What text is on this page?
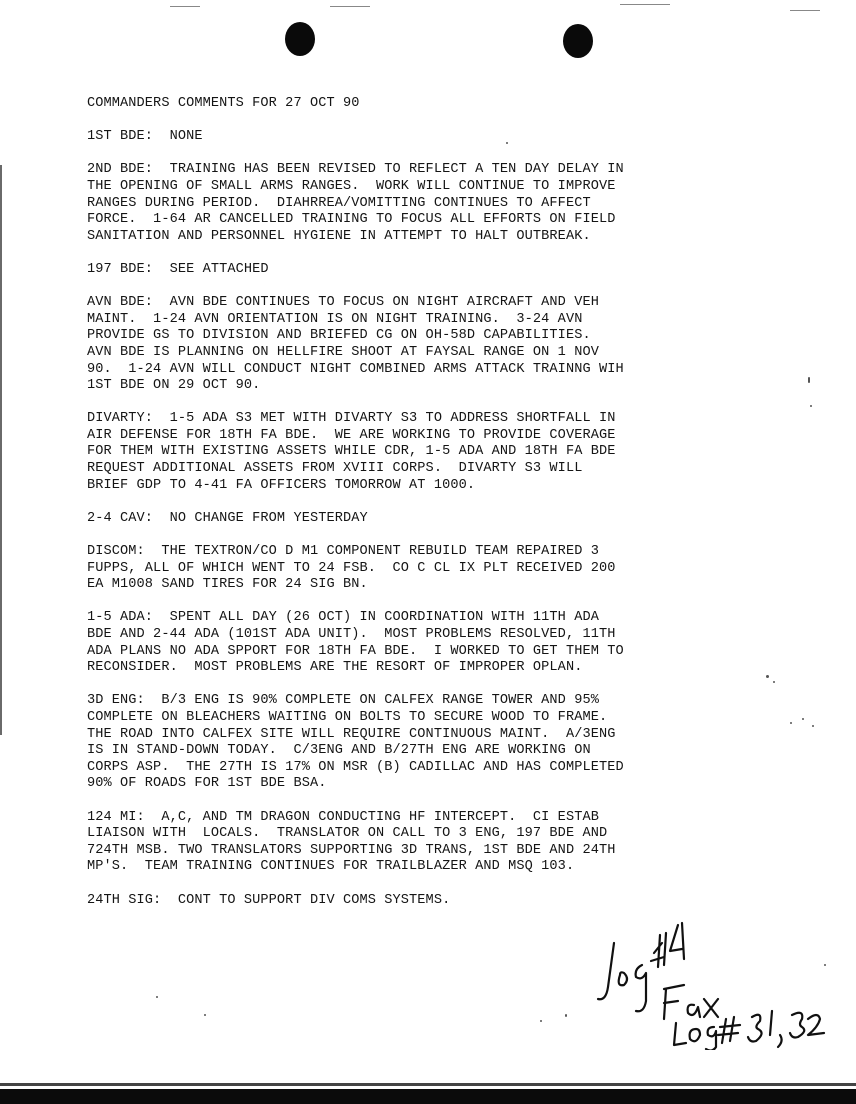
COMMANDERS COMMENTS FOR 27 OCT 90
1ST BDE:  NONE
2ND BDE:  TRAINING HAS BEEN REVISED TO REFLECT A TEN DAY DELAY IN
THE OPENING OF SMALL ARMS RANGES.  WORK WILL CONTINUE TO IMPROVE
RANGES DURING PERIOD.  DIAHRREA/VOMITTING CONTINUES TO AFFECT
FORCE.  1-64 AR CANCELLED TRAINING TO FOCUS ALL EFFORTS ON FIELD
SANITATION AND PERSONNEL HYGIENE IN ATTEMPT TO HALT OUTBREAK.
197 BDE:  SEE ATTACHED
AVN BDE:  AVN BDE CONTINUES TO FOCUS ON NIGHT AIRCRAFT AND VEH
MAINT.  1-24 AVN ORIENTATION IS ON NIGHT TRAINING.  3-24 AVN
PROVIDE GS TO DIVISION AND BRIEFED CG ON OH-58D CAPABILITIES.
AVN BDE IS PLANNING ON HELLFIRE SHOOT AT FAYSAL RANGE ON 1 NOV
90.  1-24 AVN WILL CONDUCT NIGHT COMBINED ARMS ATTACK TRAINNG WIH
1ST BDE ON 29 OCT 90.
DIVARTY:  1-5 ADA S3 MET WITH DIVARTY S3 TO ADDRESS SHORTFALL IN
AIR DEFENSE FOR 18TH FA BDE.  WE ARE WORKING TO PROVIDE COVERAGE
FOR THEM WITH EXISTING ASSETS WHILE CDR, 1-5 ADA AND 18TH FA BDE
REQUEST ADDITIONAL ASSETS FROM XVIII CORPS.  DIVARTY S3 WILL
BRIEF GDP TO 4-41 FA OFFICERS TOMORROW AT 1000.
2-4 CAV:  NO CHANGE FROM YESTERDAY
DISCOM:  THE TEXTRON/CO D M1 COMPONENT REBUILD TEAM REPAIRED 3
FUPPS, ALL OF WHICH WENT TO 24 FSB.  CO C CL IX PLT RECEIVED 200
EA M1008 SAND TIRES FOR 24 SIG BN.
1-5 ADA:  SPENT ALL DAY (26 OCT) IN COORDINATION WITH 11TH ADA
BDE AND 2-44 ADA (101ST ADA UNIT).  MOST PROBLEMS RESOLVED, 11TH
ADA PLANS NO ADA SPPORT FOR 18TH FA BDE.  I WORKED TO GET THEM TO
RECONSIDER.  MOST PROBLEMS ARE THE RESORT OF IMPROPER OPLAN.
3D ENG:  B/3 ENG IS 90% COMPLETE ON CALFEX RANGE TOWER AND 95%
COMPLETE ON BLEACHERS WAITING ON BOLTS TO SECURE WOOD TO FRAME.
THE ROAD INTO CALFEX SITE WILL REQUIRE CONTINUOUS MAINT.  A/3ENG
IS IN STAND-DOWN TODAY.  C/3ENG AND B/27TH ENG ARE WORKING ON
CORPS ASP.  THE 27TH IS 17% ON MSR (B) CADILLAC AND HAS COMPLETED
90% OF ROADS FOR 1ST BDE BSA.
124 MI:  A,C, AND TM DRAGON CONDUCTING HF INTERCEPT.  CI ESTAB
LIAISON WITH  LOCALS.  TRANSLATOR ON CALL TO 3 ENG, 197 BDE AND
724TH MSB. TWO TRANSLATORS SUPPORTING 3D TRANS, 1ST BDE AND 24TH
MP'S.  TEAM TRAINING CONTINUES FOR TRAILBLAZER AND MSQ 103.
24TH SIG:  CONT TO SUPPORT DIV COMS SYSTEMS.
